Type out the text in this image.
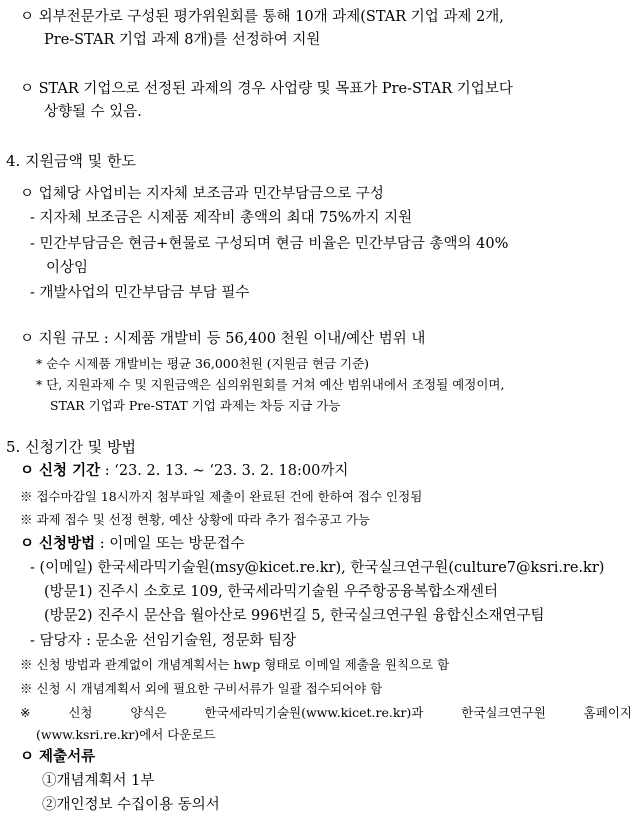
ㅇ 외부전문가로 구성된 평가위원회를 통해 10개 과제(STAR 기업 과제 2개,
Pre-STAR 기업 과제 8개)를 선정하여 지원
ㅇ STAR 기업으로 선정된 과제의 경우 사업량 및 목표가 Pre-STAR 기업보다
상향될 수 있음.
4. 지원금액 및 한도
ㅇ 업체당 사업비는 지자체 보조금과 민간부담금으로 구성
- 지자체 보조금은 시제품 제작비 총액의 최대 75%까지 지원
- 민간부담금은 현금+현물로 구성되며 현금 비율은 민간부담금 총액의 40%
이상임
- 개발사업의 민간부담금 부담 필수
ㅇ 지원 규모 : 시제품 개발비 등 56,400 천원 이내/예산 범위 내
* 순수 시제품 개발비는 평균 36,000천원 (지원금 현금 기준)
* 단, 지원과제 수 및 지원금액은 심의위원회를 거쳐 예산 범위내에서 조정될 예정이며,
STAR 기업과 Pre-STAT 기업 과제는 차등 지급 가능
5. 신청기간 및 방법
ㅇ 신청 기간 : ‘23. 2. 13. ~ ‘23. 3. 2. 18:00까지
※ 접수마감일 18시까지 첨부파일 제출이 완료된 건에 한하여 접수 인정됨
※ 과제 접수 및 선정 현황, 예산 상황에 따라 추가 접수공고 가능
ㅇ 신청방법 : 이메일 또는 방문접수
- (이메일) 한국세라믹기술원(msy@kicet.re.kr), 한국실크연구원(culture7@ksri.re.kr)
(방문1) 진주시 소호로 109, 한국세라믹기술원 우주항공융복합소재센터
(방문2) 진주시 문산읍 월아산로 996번길 5, 한국실크연구원 융합신소재연구팀
- 담당자 : 문소윤 선임기술원, 정문화 팀장
※ 신청 방법과 관계없이 개념계획서는 hwp 형태로 이메일 제출을 원칙으로 함
※ 신청 시 개념계획서 외에 필요한 구비서류가 일괄 접수되어야 함
※	신청	양식은	한국세라믹기술원(www.kicet.re.kr)과	한국실크연구원	홈페이지
(www.ksri.re.kr)에서 다운로드
ㅇ 제출서류
①개념계획서 1부
②개인정보 수집이용 동의서
